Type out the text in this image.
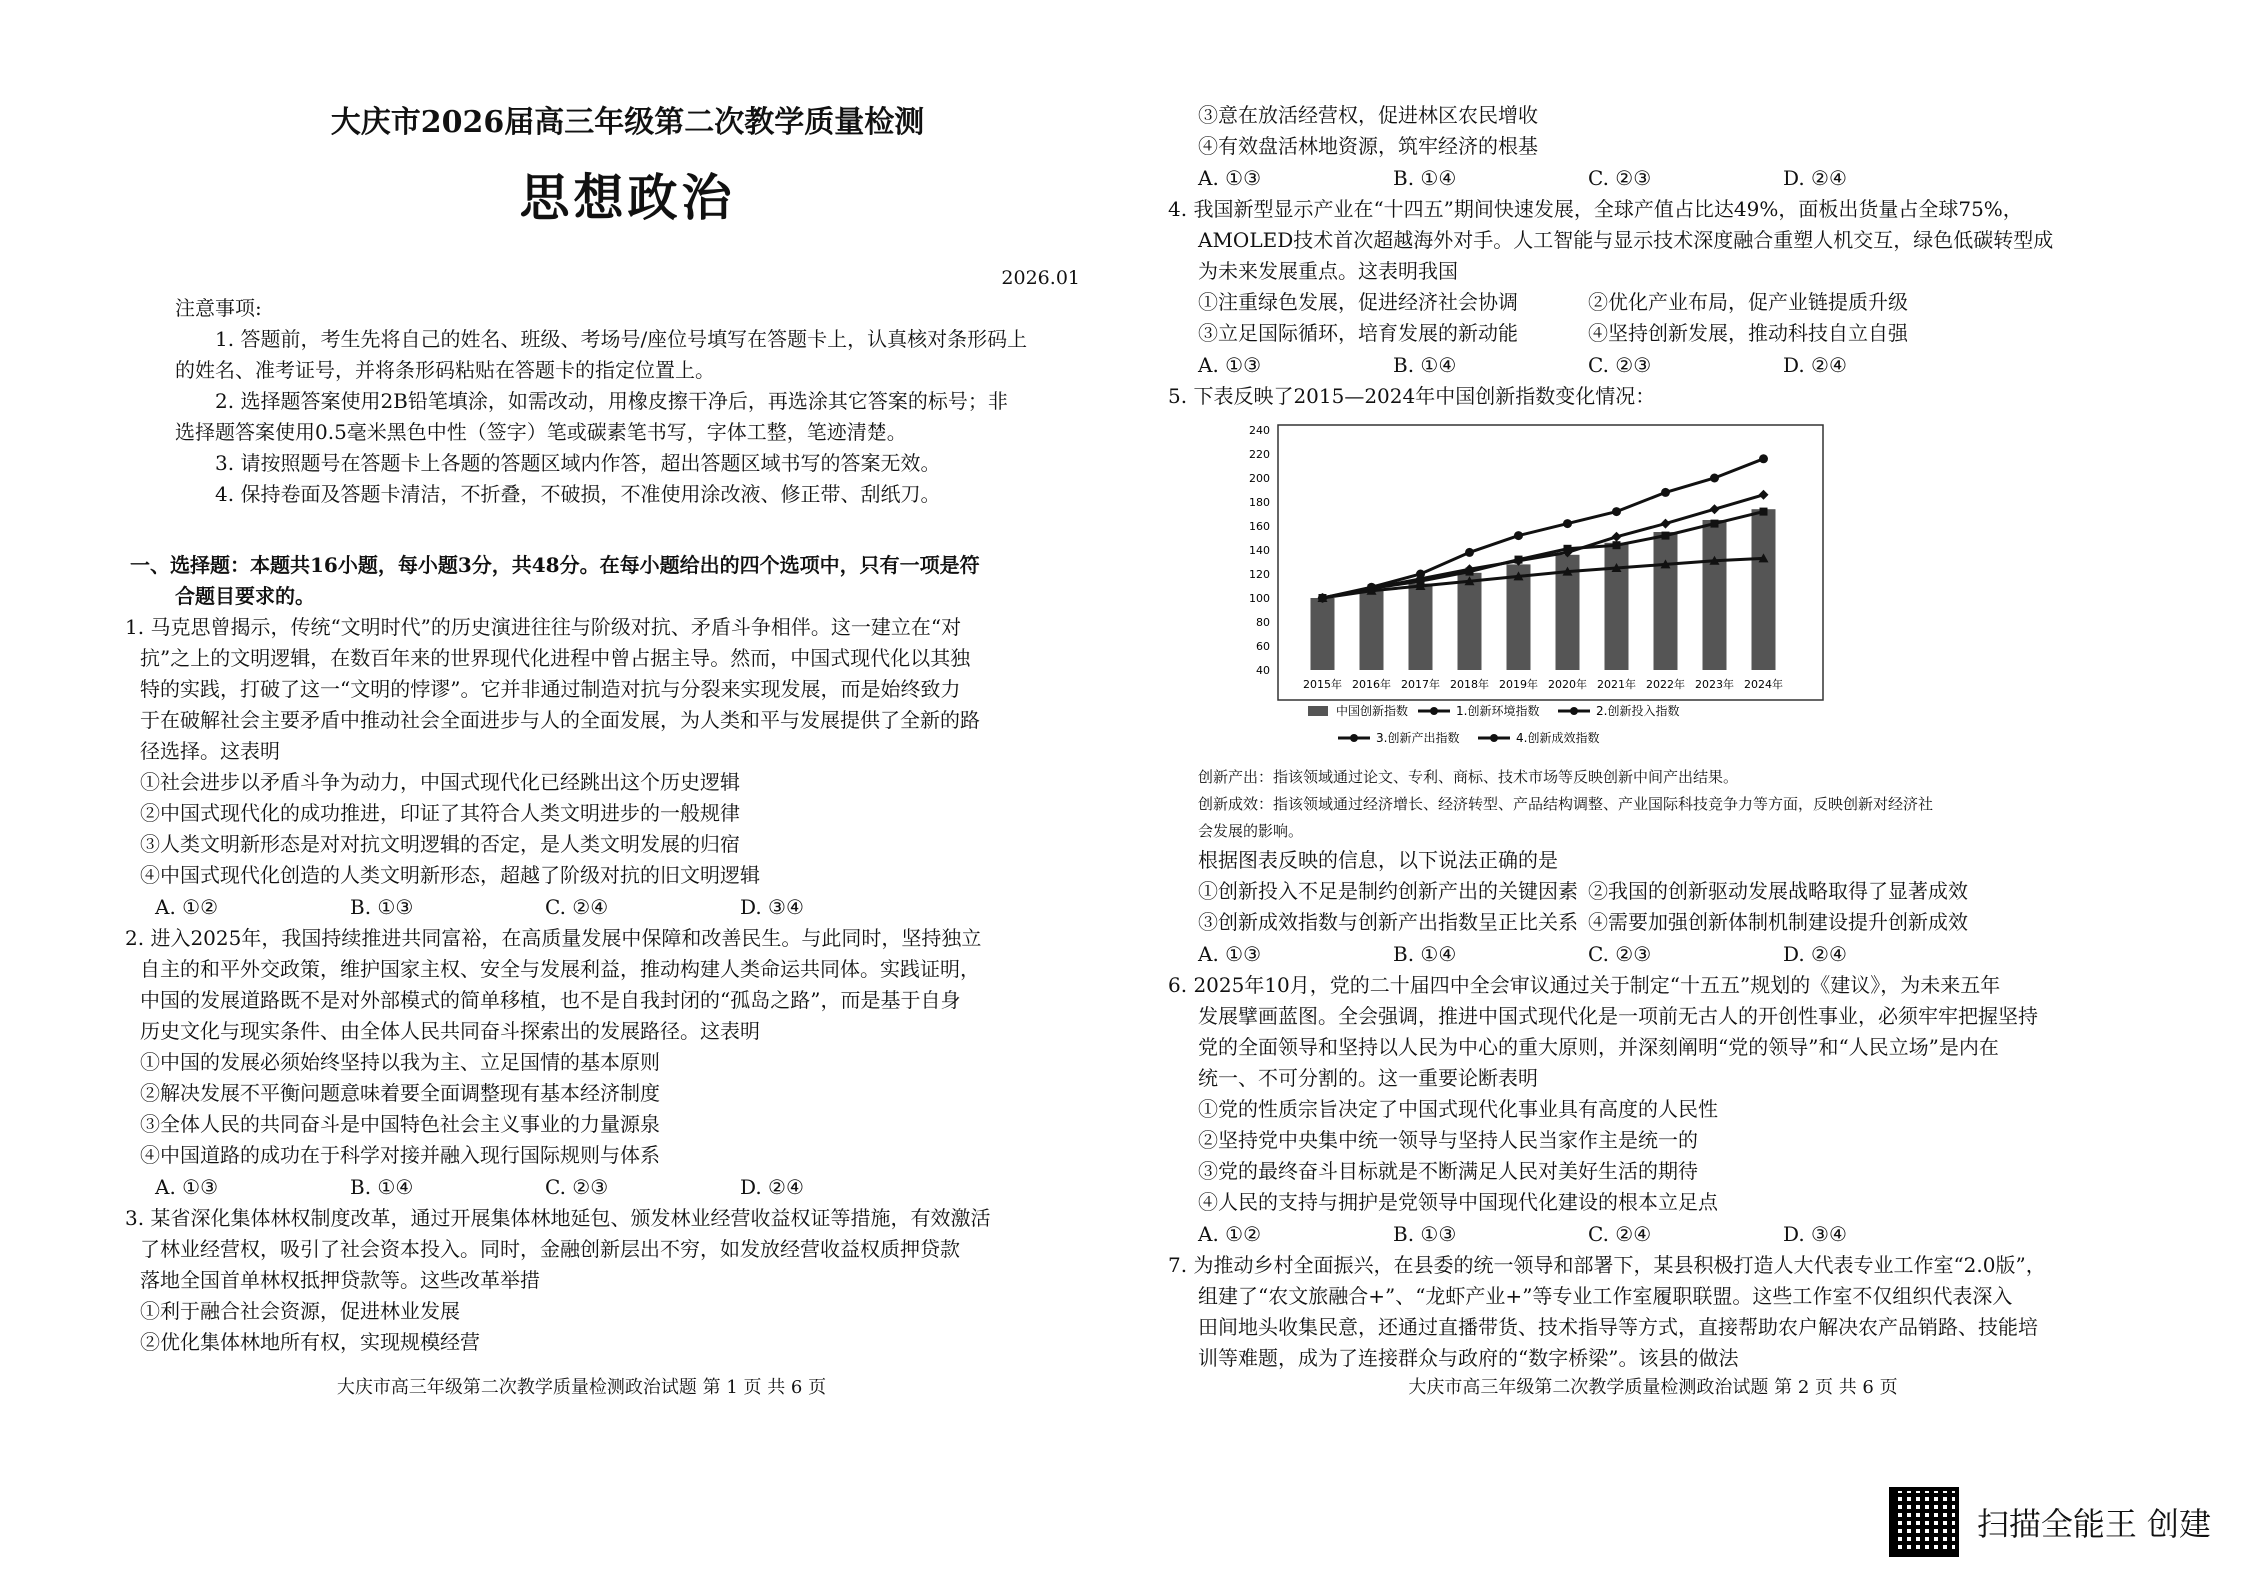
大庆市2026届高三年级第二次教学质量检测
思想政治
2026.01
注意事项:
1. 答题前，考生先将自己的姓名、班级、考场号/座位号填写在答题卡上，认真核对条形码上
的姓名、准考证号，并将条形码粘贴在答题卡的指定位置上。
2. 选择题答案使用2B铅笔填涂，如需改动，用橡皮擦干净后，再选涂其它答案的标号；非
选择题答案使用0.5毫米黑色中性（签字）笔或碳素笔书写，字体工整，笔迹清楚。
3. 请按照题号在答题卡上各题的答题区域内作答，超出答题区域书写的答案无效。
4. 保持卷面及答题卡清洁，不折叠，不破损，不准使用涂改液、修正带、刮纸刀。
一、选择题：本题共16小题，每小题3分，共48分。在每小题给出的四个选项中，只有一项是符
合题目要求的。
1. 马克思曾揭示，传统“文明时代”的历史演进往往与阶级对抗、矛盾斗争相伴。这一建立在“对
抗”之上的文明逻辑，在数百年来的世界现代化进程中曾占据主导。然而，中国式现代化以其独
特的实践，打破了这一“文明的悖谬”。它并非通过制造对抗与分裂来实现发展，而是始终致力
于在破解社会主要矛盾中推动社会全面进步与人的全面发展，为人类和平与发展提供了全新的路
径选择。这表明
①社会进步以矛盾斗争为动力，中国式现代化已经跳出这个历史逻辑
②中国式现代化的成功推进，印证了其符合人类文明进步的一般规律
③人类文明新形态是对对抗文明逻辑的否定，是人类文明发展的归宿
④中国式现代化创造的人类文明新形态，超越了阶级对抗的旧文明逻辑
A. ①②	B. ①③	C. ②④	D. ③④
2. 进入2025年，我国持续推进共同富裕，在高质量发展中保障和改善民生。与此同时，坚持独立
自主的和平外交政策，维护国家主权、安全与发展利益，推动构建人类命运共同体。实践证明，
中国的发展道路既不是对外部模式的简单移植，也不是自我封闭的“孤岛之路”，而是基于自身
历史文化与现实条件、由全体人民共同奋斗探索出的发展路径。这表明
①中国的发展必须始终坚持以我为主、立足国情的基本原则
②解决发展不平衡问题意味着要全面调整现有基本经济制度
③全体人民的共同奋斗是中国特色社会主义事业的力量源泉
④中国道路的成功在于科学对接并融入现行国际规则与体系
A. ①③	B. ①④	C. ②③	D. ②④
3. 某省深化集体林权制度改革，通过开展集体林地延包、颁发林业经营收益权证等措施，有效激活
了林业经营权，吸引了社会资本投入。同时，金融创新层出不穷，如发放经营收益权质押贷款
落地全国首单林权抵押贷款等。这些改革举措
①利于融合社会资源，促进林业发展
②优化集体林地所有权，实现规模经营
大庆市高三年级第二次教学质量检测政治试题 第 1 页 共 6 页
③意在放活经营权，促进林区农民增收
④有效盘活林地资源，筑牢经济的根基
A. ①③	B. ①④	C. ②③	D. ②④
4. 我国新型显示产业在“十四五”期间快速发展，全球产值占比达49%，面板出货量占全球75%，
AMOLED技术首次超越海外对手。人工智能与显示技术深度融合重塑人机交互，绿色低碳转型成
为未来发展重点。这表明我国
①注重绿色发展，促进经济社会协调	②优化产业布局，促产业链提质升级
③立足国际循环，培育发展的新动能	④坚持创新发展，推动科技自立自强
A. ①③	B. ①④	C. ②③	D. ②④
5. 下表反映了2015—2024年中国创新指数变化情况：
40
60
80
100
120
140
160
180
200
220
240
2015年 2016年 2017年 2018年 2019年 2020年 2021年 2022年 2023年 2024年
中国创新指数	1.创新环境指数	2.创新投入指数
3.创新产出指数	4.创新成效指数
创新产出：指该领域通过论文、专利、商标、技术市场等反映创新中间产出结果。
创新成效：指该领域通过经济增长、经济转型、产品结构调整、产业国际科技竞争力等方面，反映创新对经济社
会发展的影响。
根据图表反映的信息，以下说法正确的是
①创新投入不足是制约创新产出的关键因素 ②我国的创新驱动发展战略取得了显著成效
③创新成效指数与创新产出指数呈正比关系 ④需要加强创新体制机制建设提升创新成效
A. ①③	B. ①④	C. ②③	D. ②④
6. 2025年10月，党的二十届四中全会审议通过关于制定“十五五”规划的《建议》，为未来五年
发展擘画蓝图。全会强调，推进中国式现代化是一项前无古人的开创性事业，必须牢牢把握坚持
党的全面领导和坚持以人民为中心的重大原则，并深刻阐明“党的领导”和“人民立场”是内在
统一、不可分割的。这一重要论断表明
①党的性质宗旨决定了中国式现代化事业具有高度的人民性
②坚持党中央集中统一领导与坚持人民当家作主是统一的
③党的最终奋斗目标就是不断满足人民对美好生活的期待
④人民的支持与拥护是党领导中国现代化建设的根本立足点
A. ①②	B. ①③	C. ②④	D. ③④
7. 为推动乡村全面振兴，在县委的统一领导和部署下，某县积极打造人大代表专业工作室“2.0版”，
组建了“农文旅融合+”、“龙虾产业+”等专业工作室履职联盟。这些工作室不仅组织代表深入
田间地头收集民意，还通过直播带货、技术指导等方式，直接帮助农户解决农产品销路、技能培
训等难题，成为了连接群众与政府的“数字桥梁”。该县的做法
大庆市高三年级第二次教学质量检测政治试题 第 2 页 共 6 页
扫描全能王 创建
